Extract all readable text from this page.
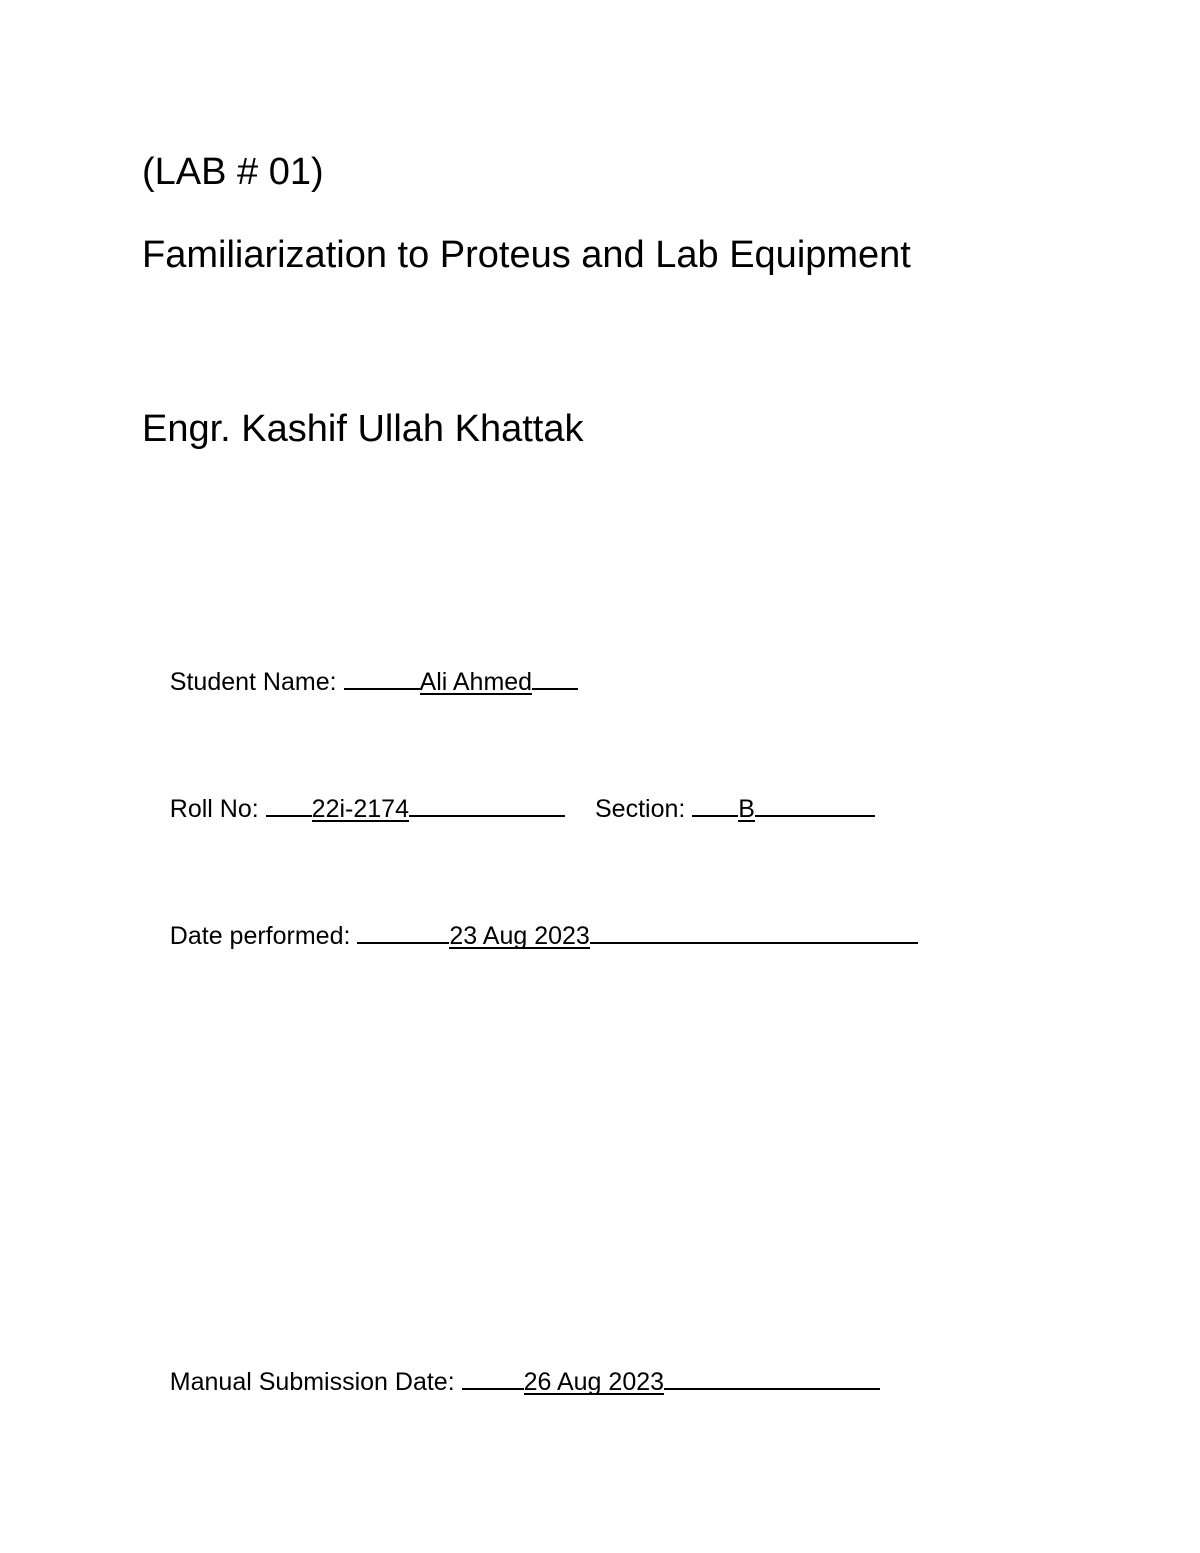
(LAB # 01)
Familiarization to Proteus and Lab Equipment
Engr. Kashif Ullah Khattak

Student Name:	Ali Ahmed

Roll No: 22i-2174	Section: B

Date performed:	23 Aug 2023

Manual Submission Date: 26 Aug 2023
